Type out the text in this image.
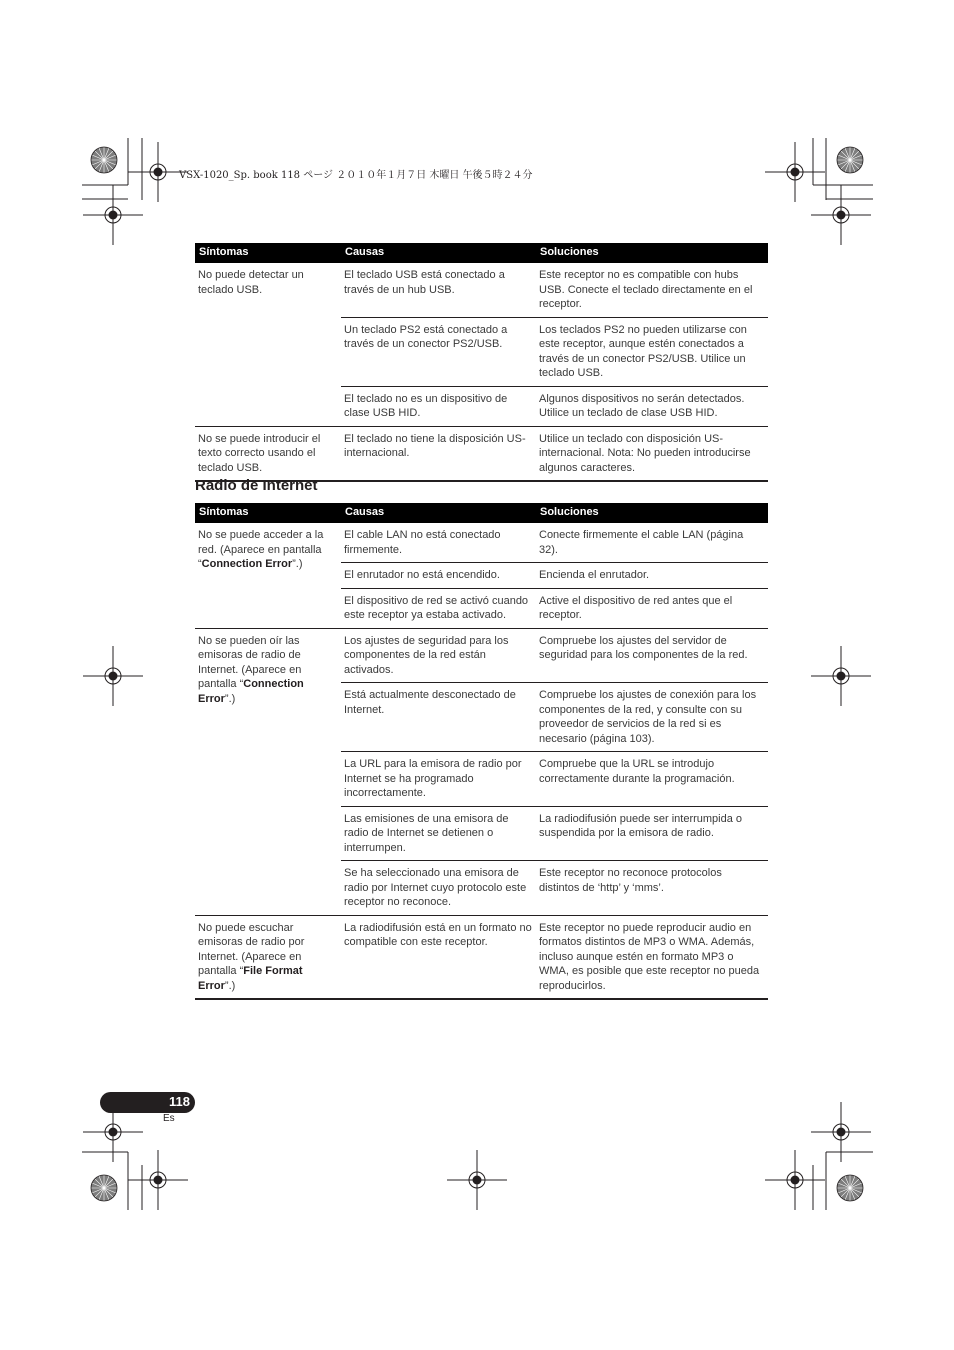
VSX-1020_Sp. book 118 ページ ２０１０年１月７日 木曜日 午後５時２４分
Síntomas	Causas	Soluciones
No puede detectar un teclado USB.	El teclado USB está conectado a través de un hub USB.	Este receptor no es compatible con hubs USB. Conecte el teclado directamente en el receptor.
	Un teclado PS2 está conectado a través de un conector PS2/USB.	Los teclados PS2 no pueden utilizarse con este receptor, aunque estén conectados a través de un conector PS2/USB. Utilice un teclado USB.
	El teclado no es un dispositivo de clase USB HID.	Algunos dispositivos no serán detectados. Utilice un teclado de clase USB HID.
No se puede introducir el texto correcto usando el teclado USB.	El teclado no tiene la disposición US-internacional.	Utilice un teclado con disposición US-internacional. Nota: No pueden introducirse algunos caracteres.
Radio de Internet
Síntomas	Causas	Soluciones
No se puede acceder a la red. (Aparece en pantalla “Connection Error”.)	El cable LAN no está conectado firmemente.	Conecte firmemente el cable LAN (página 32).
	El enrutador no está encendido.	Encienda el enrutador.
	El dispositivo de red se activó cuando este receptor ya estaba activado.	Active el dispositivo de red antes que el receptor.
No se pueden oír las emisoras de radio de Internet. (Aparece en pantalla “Connection Error”.)	Los ajustes de seguridad para los componentes de la red están activados.	Compruebe los ajustes del servidor de seguridad para los componentes de la red.
	Está actualmente desconectado de Internet.	Compruebe los ajustes de conexión para los componentes de la red, y consulte con su proveedor de servicios de la red si es necesario (página 103).
	La URL para la emisora de radio por Internet se ha programado incorrectamente.	Compruebe que la URL se introdujo correctamente durante la programación.
	Las emisiones de una emisora de radio de Internet se detienen o interrumpen.	La radiodifusión puede ser interrumpida o suspendida por la emisora de radio.
	Se ha seleccionado una emisora de radio por Internet cuyo protocolo este receptor no reconoce.	Este receptor no reconoce protocolos distintos de ‘http’ y ‘mms’.
No puede escuchar emisoras de radio por Internet. (Aparece en pantalla “File Format Error”.)	La radiodifusión está en un formato no compatible con este receptor.	Este receptor no puede reproducir audio en formatos distintos de MP3 o WMA. Además, incluso aunque estén en formato MP3 o WMA, es posible que este receptor no pueda reproducirlos.
118
Es
